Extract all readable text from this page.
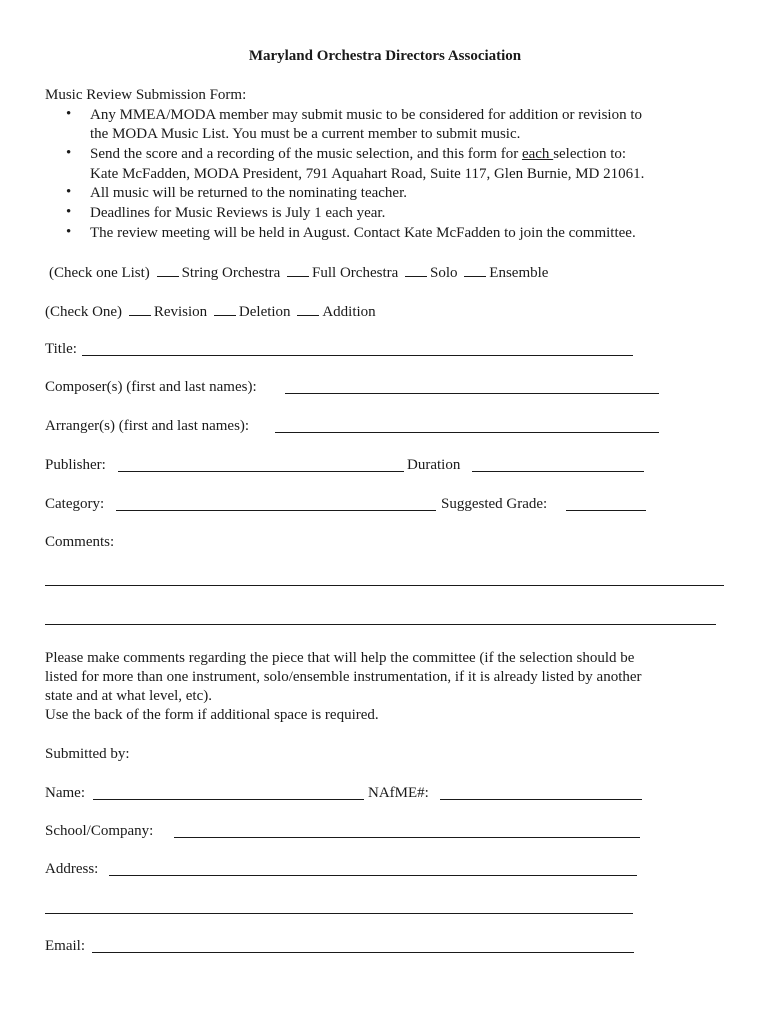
Maryland Orchestra Directors Association
Music Review Submission Form:
• Any MMEA/MODA member may submit music to be considered for addition or revision to
the MODA Music List. You must be a current member to submit music.
• Send the score and a recording of the music selection, and this form for each selection to:
Kate McFadden, MODA President, 791 Aquahart Road, Suite 117, Glen Burnie, MD 21061.
• All music will be returned to the nominating teacher.
• Deadlines for Music Reviews is July 1 each year.
• The review meeting will be held in August. Contact Kate McFadden to join the committee.
(Check one List) String Orchestra Full Orchestra Solo Ensemble
(Check One) Revision Deletion Addition
Title:
Composer(s) (first and last names):
Arranger(s) (first and last names):
Publisher:	Duration
Category:	Suggested Grade:
Comments:
Please make comments regarding the piece that will help the committee (if the selection should be
listed for more than one instrument, solo/ensemble instrumentation, if it is already listed by another
state and at what level, etc).
Use the back of the form if additional space is required.
Submitted by:
Name:	NAfME#:
School/Company:
Address:
Email:
